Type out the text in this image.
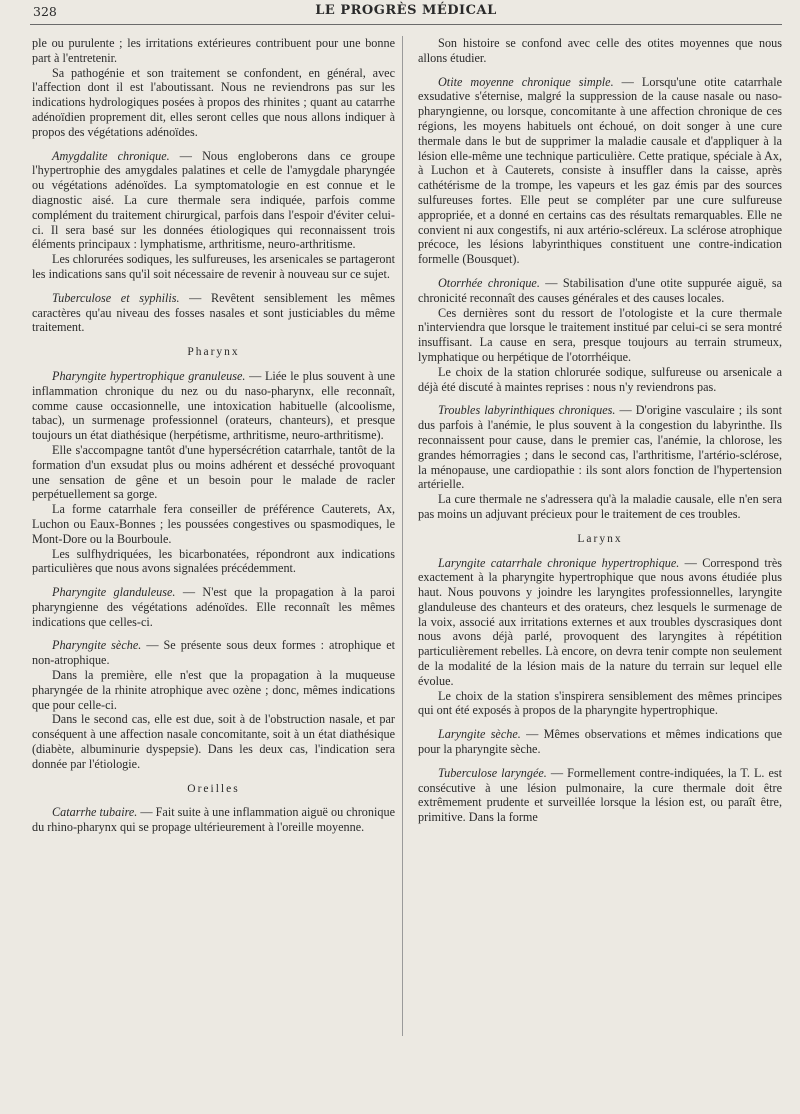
328	LE PROGRÈS MÉDICAL

ple ou purulente ; les irritations extérieures contribuent pour une bonne part à l'entretenir.

Sa pathogénie et son traitement se confondent, en général, avec l'affection dont il est l'aboutissant. Nous ne reviendrons pas sur les indications hydrologiques posées à propos des rhinites ; quant au catarrhe adénoïdien proprement dit, elles seront celles que nous allons indiquer à propos des végétations adénoïdes.

Amygdalite chronique. — Nous engloberons dans ce groupe l'hypertrophie des amygdales palatines et celle de l'amygdale pharyngée ou végétations adénoïdes. La symptomatologie en est connue et le diagnostic aisé. La cure thermale sera indiquée, parfois comme complément du traitement chirurgical, parfois dans l'espoir d'éviter celui-ci. Il sera basé sur les données étiologiques qui reconnaissent trois éléments principaux : lymphatisme, arthritisme, neuro-arthritisme.

Les chlorurées sodiques, les sulfureuses, les arsenicales se partageront les indications sans qu'il soit nécessaire de revenir à nouveau sur ce sujet.

Tuberculose et syphilis. — Revêtent sensiblement les mêmes caractères qu'au niveau des fosses nasales et sont justiciables du même traitement.

Pharynx

Pharyngite hypertrophique granuleuse. — Liée le plus souvent à une inflammation chronique du nez ou du naso-pharynx, elle reconnaît, comme cause occasionnelle, une intoxication habituelle (alcoolisme, tabac), un surmenage professionnel (orateurs, chanteurs), et presque toujours un état diathésique (herpétisme, arthritisme, neuro-arthritisme).

Elle s'accompagne tantôt d'une hypersécrétion catarrhale, tantôt de la formation d'un exsudat plus ou moins adhérent et desséché provoquant une sensation de gêne et un besoin pour le malade de racler perpétuellement sa gorge.

La forme catarrhale fera conseiller de préférence Cauterets, Ax, Luchon ou Eaux-Bonnes ; les poussées congestives ou spasmodiques, le Mont-Dore ou la Bourboule.

Les sulfhydriquées, les bicarbonatées, répondront aux indications particulières que nous avons signalées précédemment.

Pharyngite glanduleuse. — N'est que la propagation à la paroi pharyngienne des végétations adénoïdes. Elle reconnaît les mêmes indications que celles-ci.

Pharyngite sèche. — Se présente sous deux formes : atrophique et non-atrophique.

Dans la première, elle n'est que la propagation à la muqueuse pharyngée de la rhinite atrophique avec ozène ; donc, mêmes indications que pour celle-ci.

Dans le second cas, elle est due, soit à de l'obstruction nasale, et par conséquent à une affection nasale concomitante, soit à un état diathésique (diabète, albuminurie dyspepsie). Dans les deux cas, l'indication sera donnée par l'étiologie.

Oreilles

Catarrhe tubaire. — Fait suite à une inflammation aiguë ou chronique du rhino-pharynx qui se propage ultérieurement à l'oreille moyenne.

Son histoire se confond avec celle des otites moyennes que nous allons étudier.

Otite moyenne chronique simple. — Lorsqu'une otite catarrhale exsudative s'éternise, malgré la suppression de la cause nasale ou naso-pharyngienne, ou lorsque, concomitante à une affection chronique de ces régions, les moyens habituels ont échoué, on doit songer à une cure thermale dans le but de supprimer la maladie causale et d'appliquer à la lésion elle-même une technique particulière. Cette pratique, spéciale à Ax, à Luchon et à Cauterets, consiste à insuffler dans la caisse, après cathétérisme de la trompe, les vapeurs et les gaz émis par des sources sulfureuses fortes. Elle peut se compléter par une cure sulfureuse appropriée, et a donné en certains cas des résultats remarquables. Elle ne convient ni aux congestifs, ni aux artério-scléreux. La sclérose atrophique précoce, les lésions labyrinthiques constituent une contre-indication formelle (Bousquet).

Otorrhée chronique. — Stabilisation d'une otite suppurée aiguë, sa chronicité reconnaît des causes générales et des causes locales.

Ces dernières sont du ressort de l'otologiste et la cure thermale n'interviendra que lorsque le traitement institué par celui-ci se sera montré insuffisant. La cause en sera, presque toujours au terrain strumeux, lymphatique ou herpétique de l'otorrhéique.

Le choix de la station chlorurée sodique, sulfureuse ou arsenicale a déjà été discuté à maintes reprises : nous n'y reviendrons pas.

Troubles labyrinthiques chroniques. — D'origine vasculaire ; ils sont dus parfois à l'anémie, le plus souvent à la congestion du labyrinthe. Ils reconnaissent pour cause, dans le premier cas, l'anémie, la chlorose, les grandes hémorragies ; dans le second cas, l'arthritisme, l'artério-sclérose, la ménopause, une cardiopathie : ils sont alors fonction de l'hypertension artérielle.

La cure thermale ne s'adressera qu'à la maladie causale, elle n'en sera pas moins un adjuvant précieux pour le traitement de ces troubles.

Larynx

Laryngite catarrhale chronique hypertrophique. — Correspond très exactement à la pharyngite hypertrophique que nous avons étudiée plus haut. Nous pouvons y joindre les laryngites professionnelles, laryngite glanduleuse des chanteurs et des orateurs, chez lesquels le surmenage de la voix, associé aux irritations externes et aux troubles dyscrasiques dont nous avons déjà parlé, provoquent des laryngites à répétition particulièrement rebelles. Là encore, on devra tenir compte non seulement de la modalité de la lésion mais de la nature du terrain sur lequel elle évolue.

Le choix de la station s'inspirera sensiblement des mêmes principes qui ont été exposés à propos de la pharyngite hypertrophique.

Laryngite sèche. — Mêmes observations et mêmes indications que pour la pharyngite sèche.

Tuberculose laryngée. — Formellement contre-indiquées, la T. L. est consécutive à une lésion pulmonaire, la cure thermale doit être extrêmement prudente et surveillée lorsque la lésion est, ou paraît être, primitive. Dans la forme
